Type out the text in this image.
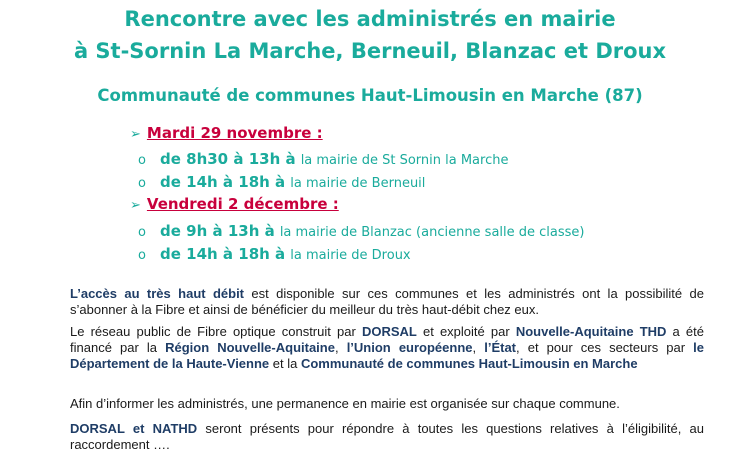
Rencontre avec les administrés en mairie
à St-Sornin La Marche, Berneuil, Blanzac et Droux
Communauté de communes Haut-Limousin en Marche (87)
➢ Mardi 29 novembre :
o de 8h30 à 13h à la mairie de St Sornin la Marche
o de 14h à 18h à la mairie de Berneuil
➢ Vendredi 2 décembre :
o de 9h à 13h à la mairie de Blanzac (ancienne salle de classe)
o de 14h à 18h à la mairie de Droux
L’accès au très haut débit est disponible sur ces communes et les administrés ont la possibilité de s’abonner à la Fibre et ainsi de bénéficier du meilleur du très haut-débit chez eux.
Le réseau public de Fibre optique construit par DORSAL et exploité par Nouvelle-Aquitaine THD a été financé par la Région Nouvelle-Aquitaine, l’Union européenne, l’État, et pour ces secteurs par le Département de la Haute-Vienne et la Communauté de communes Haut-Limousin en Marche
Afin d’informer les administrés, une permanence en mairie est organisée sur chaque commune.
DORSAL et NATHD seront présents pour répondre à toutes les questions relatives à l’éligibilité, au raccordement ….
